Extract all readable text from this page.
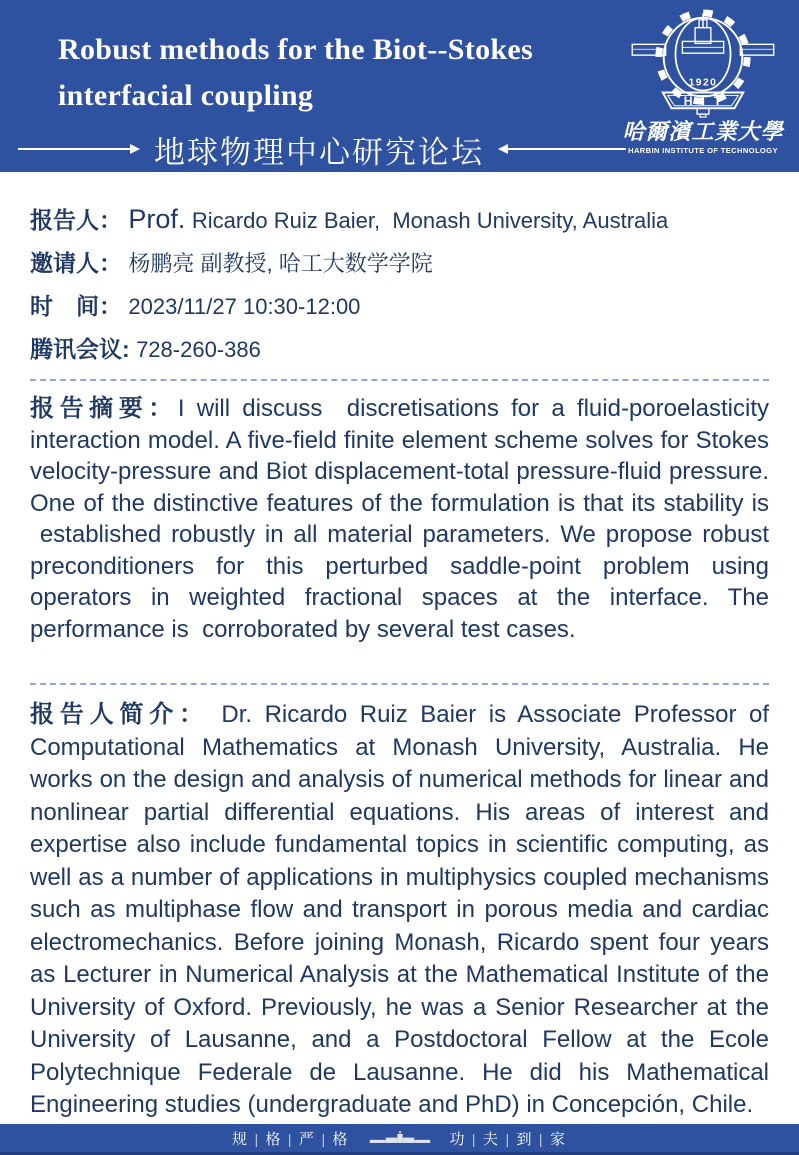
Robust methods for the Biot--Stokes
interfacial coupling
地球物理中心研究论坛
1920
HIT
哈爾濱工業大學
HARBIN INSTITUTE OF TECHNOLOGY
报告人： Prof. Ricardo Ruiz Baier,  Monash University, Australia
邀请人： 杨鹏亮 副教授, 哈工大数学学院
时　间： 2023/11/27 10:30-12:00
腾讯会议: 728-260-386

报告摘要：I will discuss  discretisations for a fluid-poroelasticity interaction model. A five-field finite element scheme solves for Stokes velocity-pressure and Biot displacement-total pressure-fluid pressure. One of the distinctive features of the formulation is that its stability is  established robustly in all material parameters. We propose robust preconditioners for this perturbed saddle-point problem using operators in weighted fractional spaces at the interface. The performance is  corroborated by several test cases.

报告人简介： Dr. Ricardo Ruiz Baier is Associate Professor of Computational Mathematics at Monash University, Australia. He works on the design and analysis of numerical methods for linear and nonlinear partial differential equations. His areas of interest and expertise also include fundamental topics in scientific computing, as well as a number of applications in multiphysics coupled mechanisms such as multiphase flow and transport in porous media and cardiac electromechanics. Before joining Monash, Ricardo spent four years as Lecturer in Numerical Analysis at the Mathematical Institute of the University of Oxford. Previously, he was a Senior Researcher at the University of Lausanne, and a Postdoctoral Fellow at the Ecole Polytechnique Federale de Lausanne. He did his Mathematical Engineering studies (undergraduate and PhD) in Concepción, Chile.

规 | 格 | 严 | 格	功 | 夫 | 到 | 家
